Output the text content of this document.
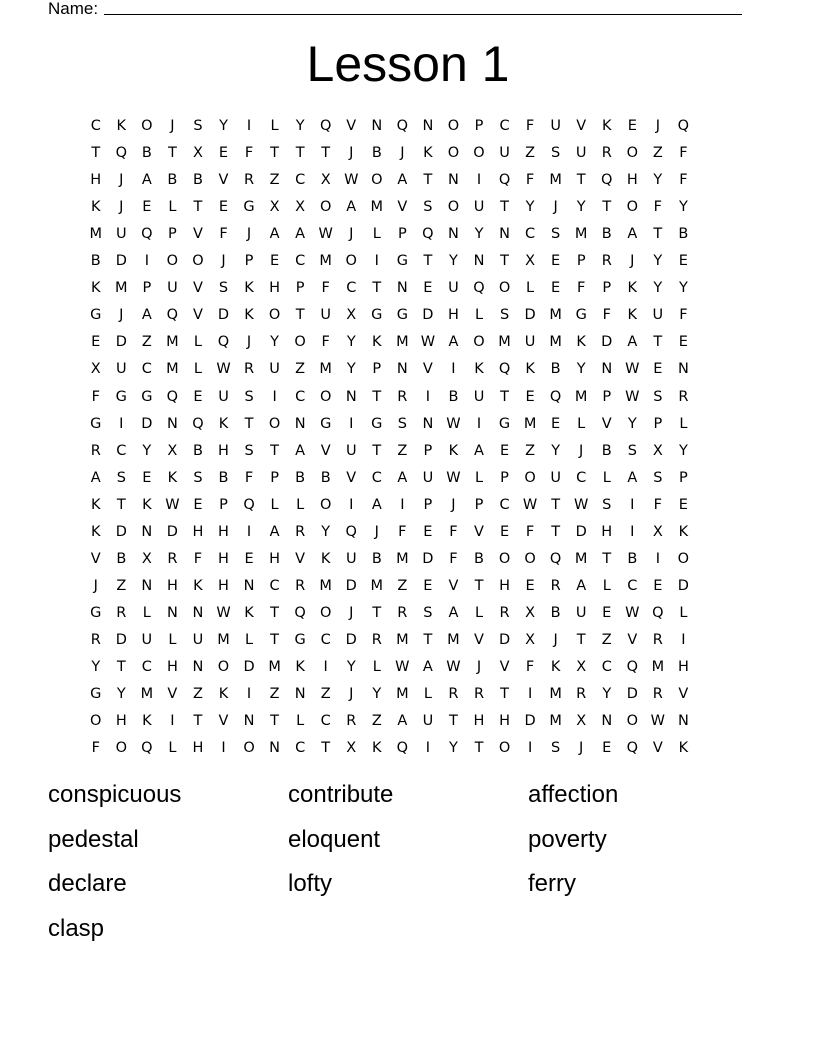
Name:
Lesson 1
C	K	O	J	S	Y	I	L	Y	Q V	N Q N O	P	C	F	U	V	K	E	J	Q
T	Q B	T	X	E	F	T	T	T	J	B	J	K	O O U	Z	S	U	R O Z	F
H	J	A	B	B	V	R	Z	C	X W O A	T	N	I	Q	F	M T	Q H	Y	F
K	J	E	L	T	E	G X	X O A M V	S	O U	T	Y	J	Y	T	O	F	Y
M U Q	P	V	F	J	A	A W	J	L	P	Q N	Y	N	C	S M B	A	T	B
B D	I	O O	J	P	E	C M O	I	G	T	Y	N	T	X	E	P	R	J	Y	E
K M P	U	V	S	K	H	P	F	C	T	N	E	U Q O	L	E	F	P	K	Y	Y
G	J	A Q V	D	K	O	T	U	X G G D H	L	S	D M G	F	K	U	F
E	D	Z M	L	Q	J	Y	O	F	Y	K M W A O M U M K	D	A	T	E
X	U	C M	L W R	U	Z M Y	P	N	V	I	K	Q	K	B	Y	N W E	N
F	G G Q	E	U	S	I	C O N	T	R	I	B	U	T	E	Q M P W S	R
G	I	D N Q	K	T	O N G	I	G	S	N W	I	G M E	L	V	Y	P	L
R	C	Y	X	B	H	S	T	A	V	U	T	Z	P	K	A	E	Z	Y	J	B	S	X	Y
A	S	E	K	S	B	F	P	B	B	V	C	A	U W L	P	O U	C	L	A	S	P
K	T	K W E	P	Q	L	L	O	I	A	I	P	J	P	C W T W S	I	F	E
K	D N D H H	I	A	R	Y	Q	J	F	E	F	V	E	F	T	D H	I	X	K
V	B	X	R	F	H	E	H	V	K	U	B M D	F	B O O Q M T	B	I	O
J	Z	N H	K	H N	C	R M D M Z	E	V	T	H	E	R	A	L	C	E	D
G R	L	N N W K	T	Q O	J	T	R	S	A	L	R	X	B	U	E W Q	L
R D U	L	U M	L	T	G C D R M T M V	D	X	J	T	Z	V	R	I
Y	T	C	H N O D M K	I	Y	L W A W	J	V	F	K	X	C Q M H
G	Y M V	Z	K	I	Z	N	Z	J	Y M	L	R	R	T	I	M R	Y	D R	V
O H	K	I	T	V	N	T	L	C	R	Z	A	U	T	H H D M X	N O W N
F	O Q	L	H	I	O N	C	T	X	K	Q	I	Y	T	O	I	S	J	E	Q V	K
conspicuous	contribute	affection
pedestal	eloquent	poverty
declare	lofty	ferry
clasp
